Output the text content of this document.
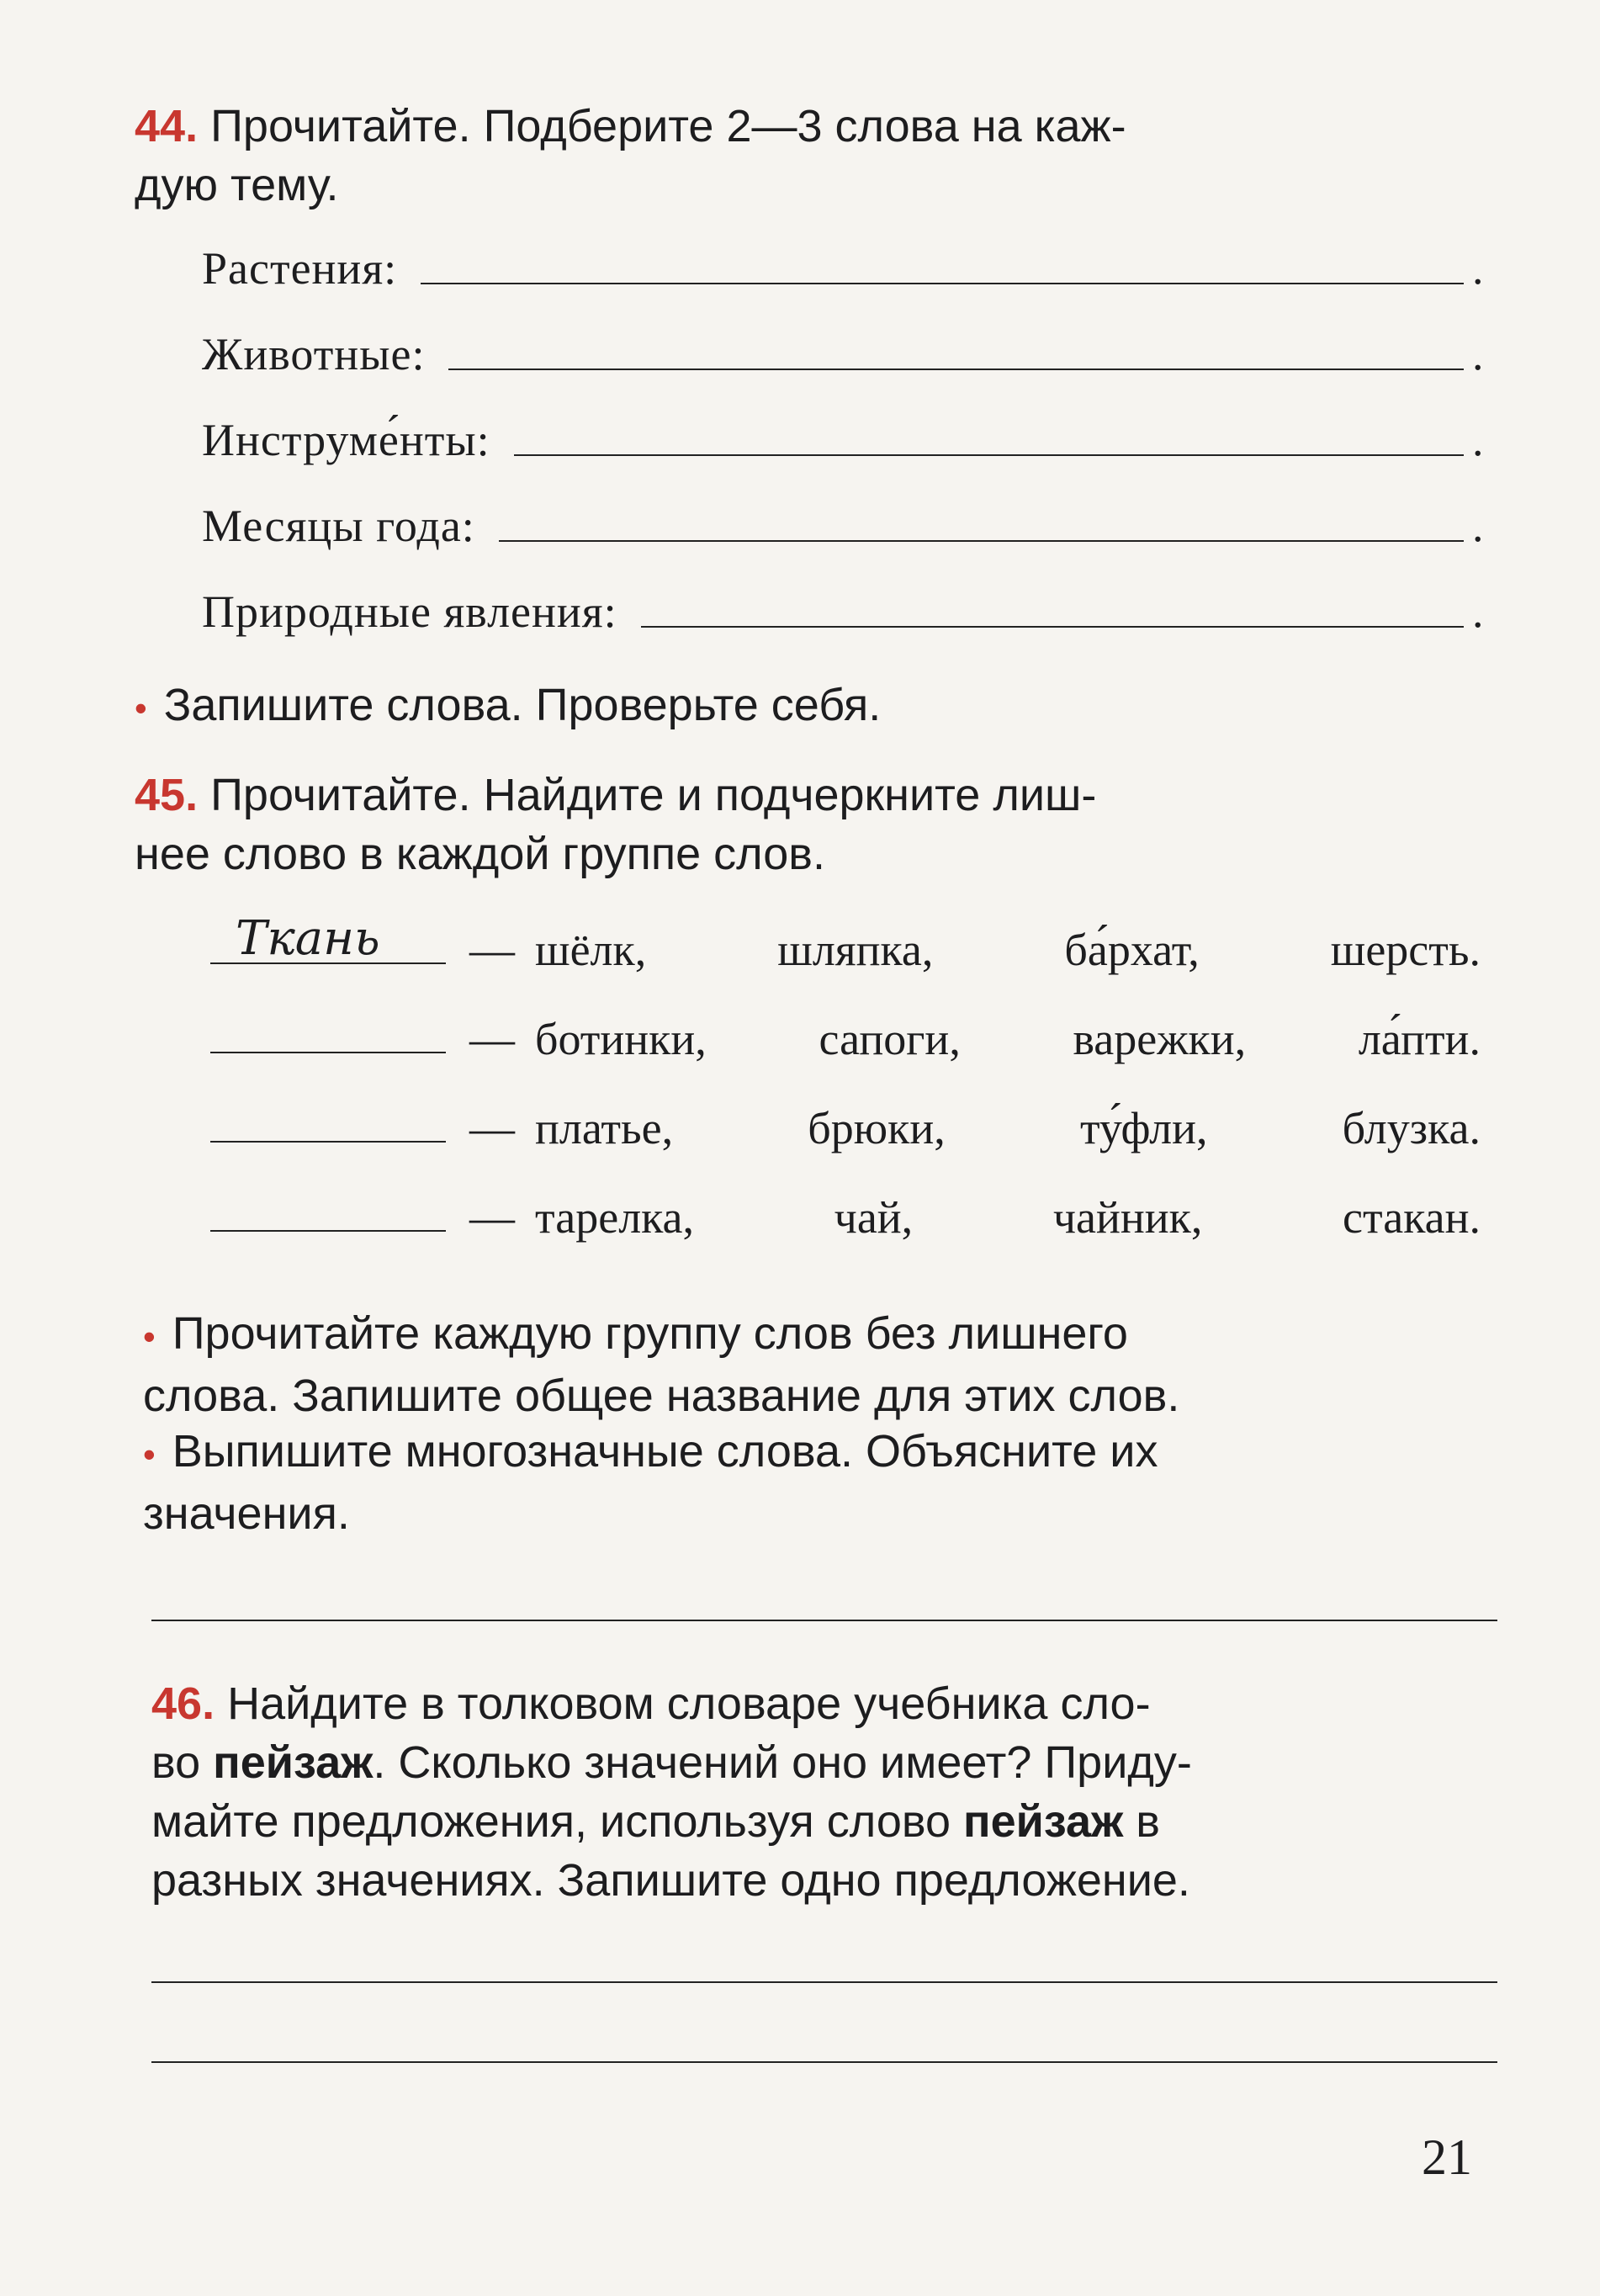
44. Прочитайте. Подберите 2—3 слова на каж-
дую тему.
Растения:	.
Животные:	.
Инструме́нты:	.
Месяцы года:	.
Природные явления:	.
• Запишите слова. Проверьте себя.
45. Прочитайте. Найдите и подчеркните лиш-
нее слово в каждой группе слов.
Ткань — шёлк,	шляпка,	ба́рхат,	шерсть.
— ботинки, сапоги, варежки, ла́пти.
— платье,	брюки,	ту́фли,	блузка.
— тарелка,	чай,	чайник,	стакан.
• Прочитайте каждую группу слов без лишнего
слова. Запишите общее название для этих слов.
• Выпишите многозначные слова. Объясните их
значения.
46. Найдите в толковом словаре учебника сло-
во пейзаж. Сколько значений оно имеет? Приду-
майте предложения, используя слово пейзаж в
разных значениях. Запишите одно предложение.
21
